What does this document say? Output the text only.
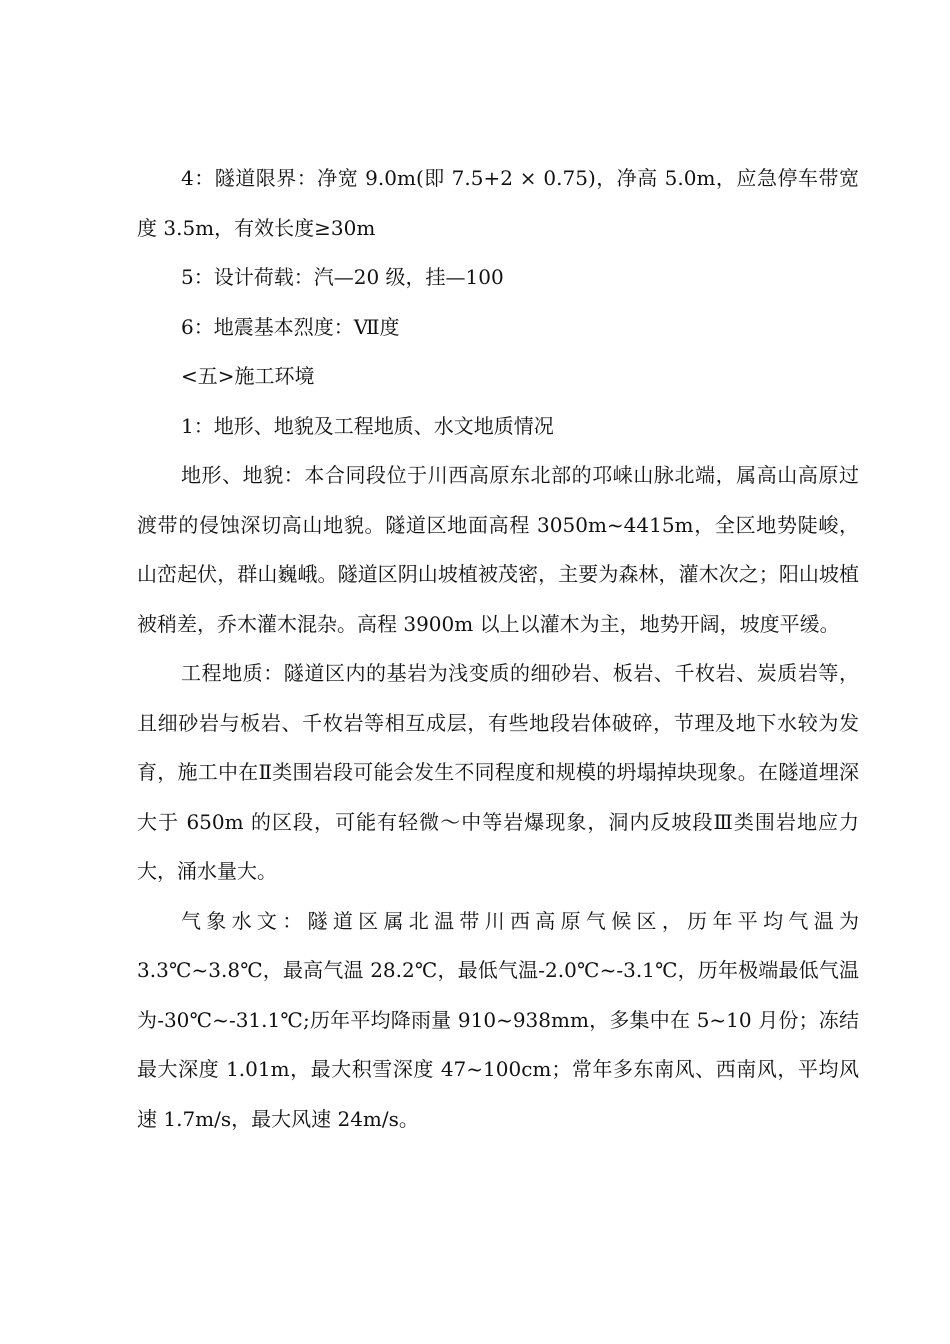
4：隧道限界：净宽 9.0m(即 7.5+2 × 0.75)，净高 5.0m，应急停车带宽度 3.5m，有效长度≥30m

5：设计荷载：汽—20 级，挂—100

6：地震基本烈度：Ⅶ度

<五>施工环境

1：地形、地貌及工程地质、水文地质情况

地形、地貌：本合同段位于川西高原东北部的邛崃山脉北端，属高山高原过渡带的侵蚀深切高山地貌。隧道区地面高程 3050m~4415m，全区地势陡峻，山峦起伏，群山巍峨。隧道区阴山坡植被茂密，主要为森林，灌木次之；阳山坡植被稍差，乔木灌木混杂。高程 3900m 以上以灌木为主，地势开阔，坡度平缓。

工程地质：隧道区内的基岩为浅变质的细砂岩、板岩、千枚岩、炭质岩等，且细砂岩与板岩、千枚岩等相互成层，有些地段岩体破碎，节理及地下水较为发育，施工中在Ⅱ类围岩段可能会发生不同程度和规模的坍塌掉块现象。在隧道埋深大于 650m 的区段，可能有轻微～中等岩爆现象，洞内反坡段Ⅲ类围岩地应力大，涌水量大。

气象水文：隧道区属北温带川西高原气候区，历年平均气温为 3.3℃~3.8℃，最高气温 28.2℃，最低气温-2.0℃~-3.1℃，历年极端最低气温为-30℃~-31.1℃;历年平均降雨量 910~938mm，多集中在 5~10 月份；冻结最大深度 1.01m，最大积雪深度 47~100cm；常年多东南风、西南风，平均风速 1.7m/s，最大风速 24m/s。
